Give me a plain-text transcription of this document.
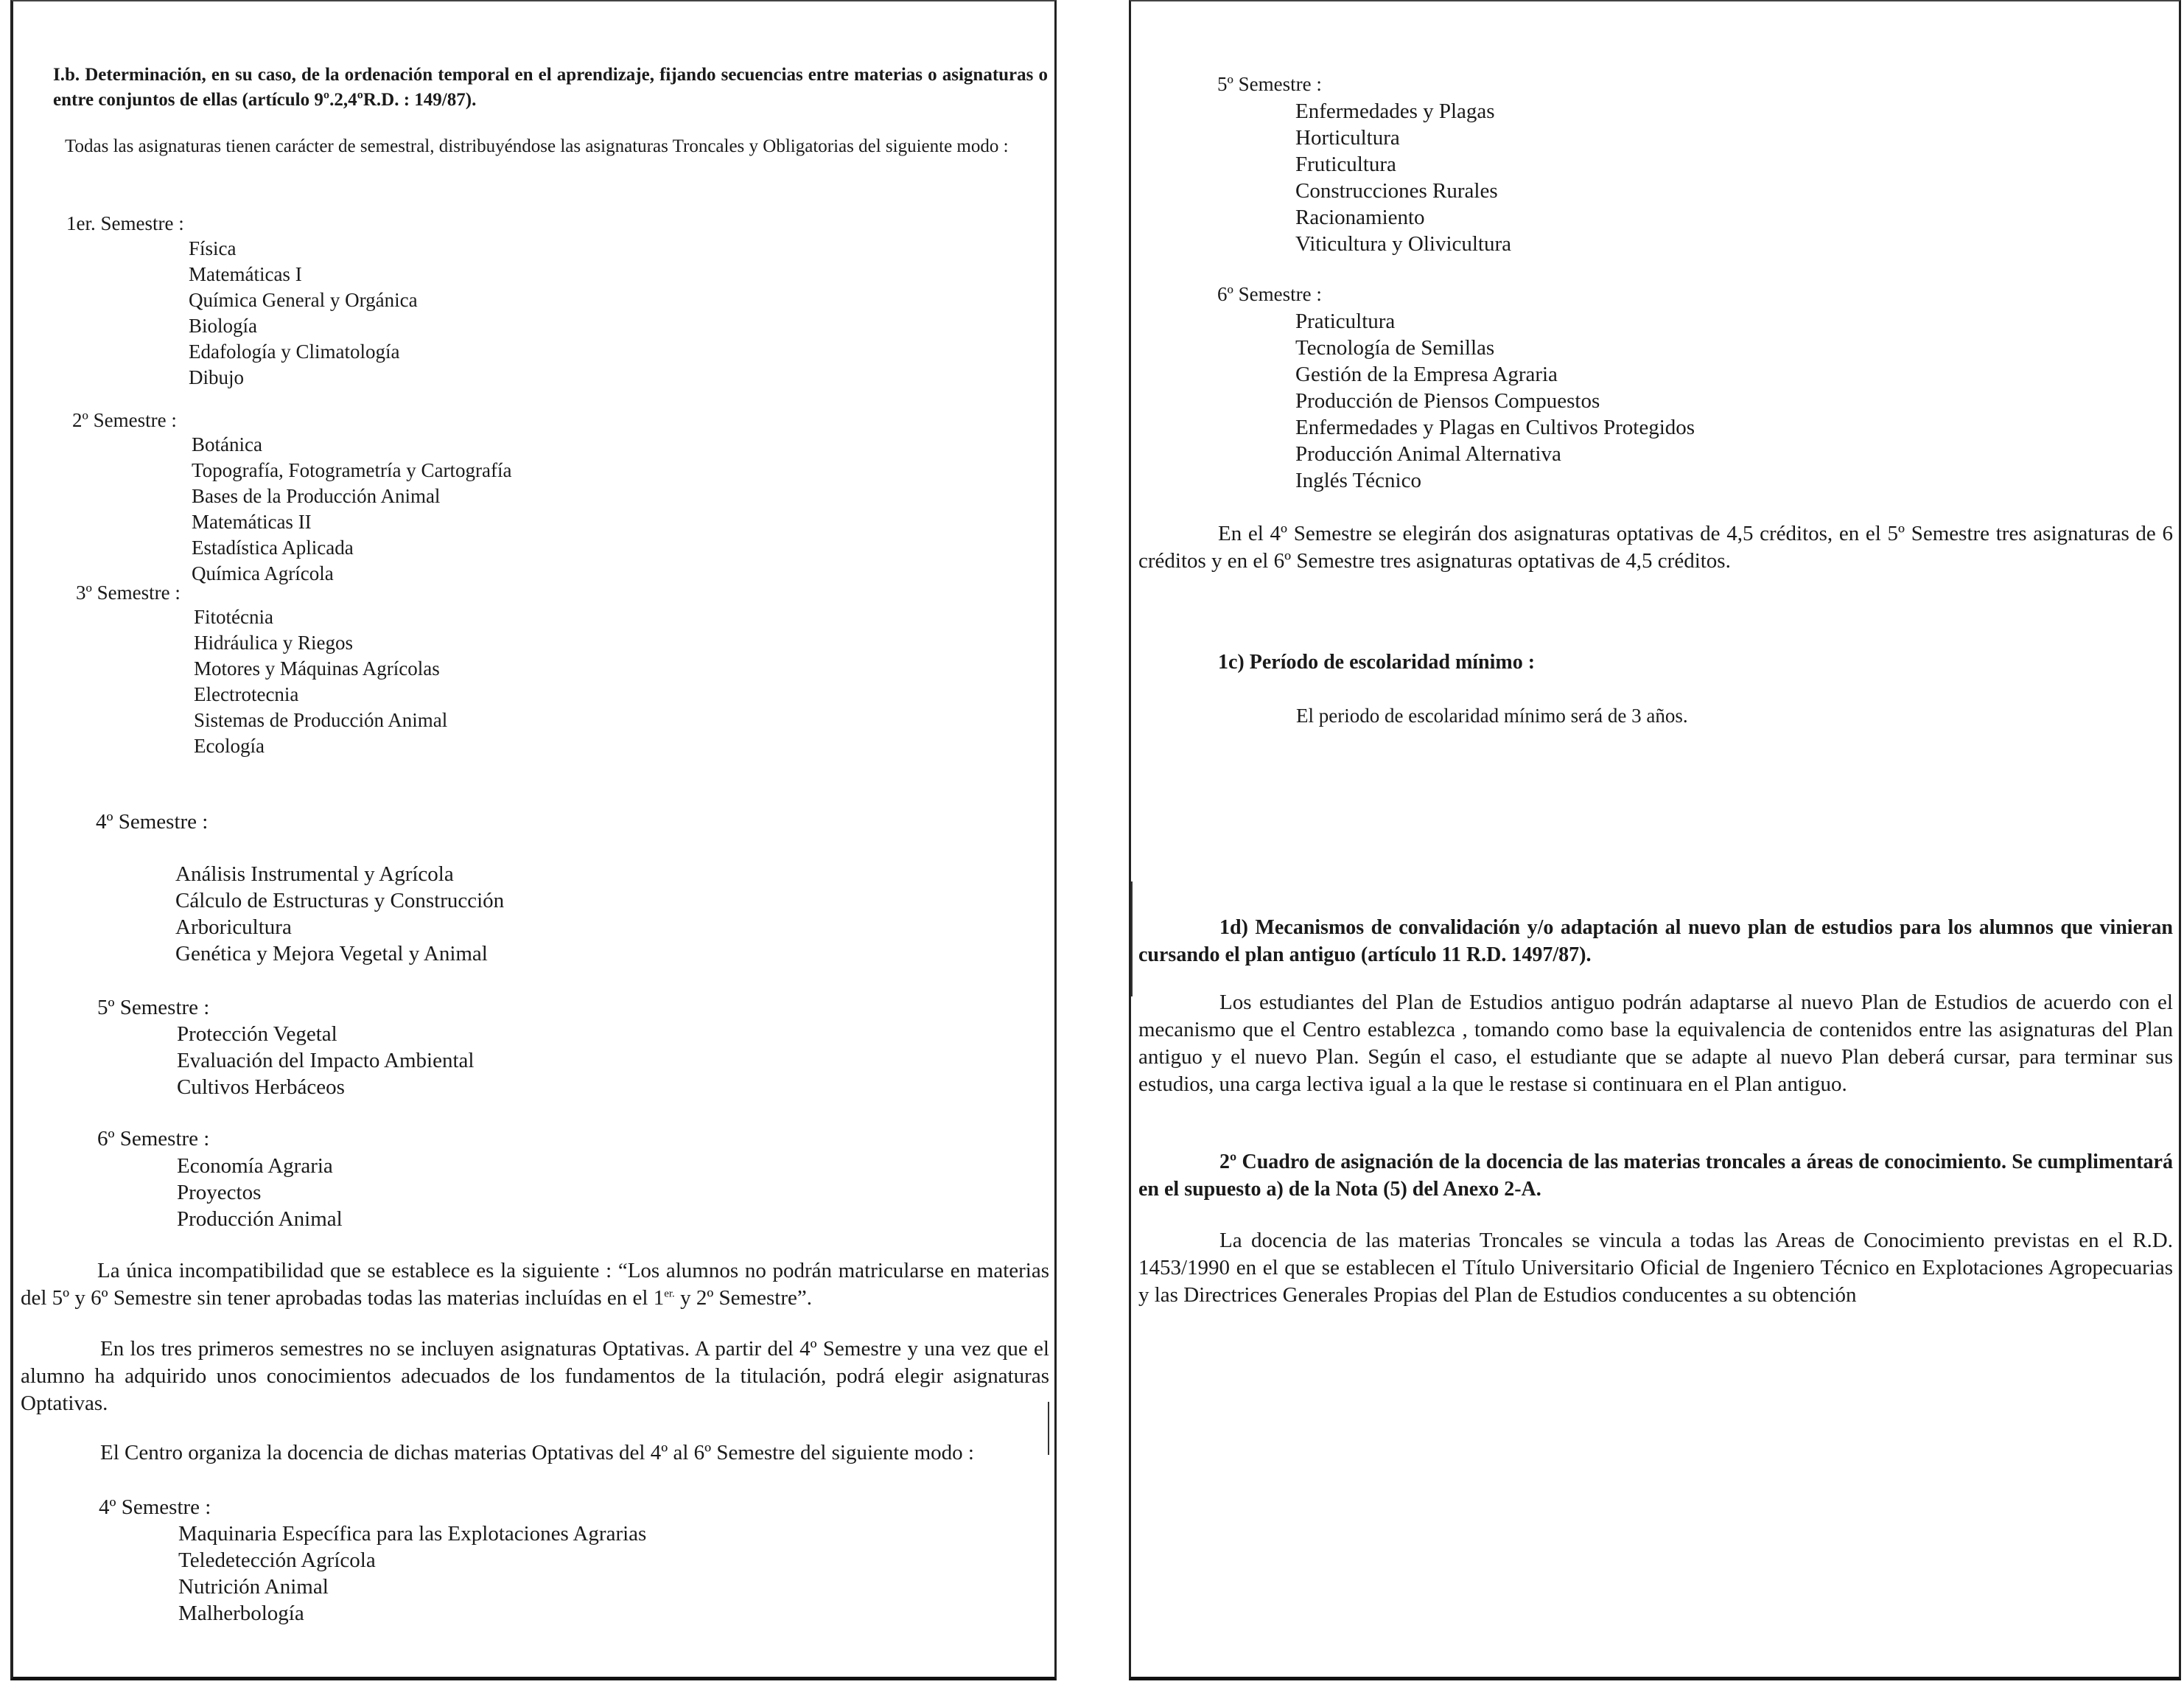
I.b. Determinación, en su caso, de la ordenación temporal en el aprendizaje, fijando secuencias entre materias o asignaturas o entre conjuntos de ellas (artículo 9º.2,4ºR.D. : 149/87).
Todas las asignaturas tienen carácter de semestral, distribuyéndose las asignaturas Troncales y Obligatorias del siguiente modo :
1er. Semestre :
Física
Matemáticas I
Química General y Orgánica
Biología
Edafología y Climatología
Dibujo
2º Semestre :
Botánica
Topografía, Fotogrametría y Cartografía
Bases de la Producción Animal
Matemáticas II
Estadística Aplicada
Química Agrícola
3º Semestre :
Fitotécnia
Hidráulica y Riegos
Motores y Máquinas Agrícolas
Electrotecnia
Sistemas de Producción Animal
Ecología
4º Semestre :
Análisis Instrumental y Agrícola
Cálculo de Estructuras y Construcción
Arboricultura
Genética y Mejora Vegetal y Animal
5º Semestre :
Protección Vegetal
Evaluación del Impacto Ambiental
Cultivos Herbáceos
6º Semestre :
Economía Agraria
Proyectos
Producción Animal
La única incompatibilidad que se establece es la siguiente : “Los alumnos no podrán matricularse en materias del 5º y 6º Semestre sin tener aprobadas todas las materias incluídas en el $1^{er.}$ y 2º Semestre”.
En los tres primeros semestres no se incluyen asignaturas Optativas. A partir del 4º Semestre y una vez que el alumno ha adquirido unos conocimientos adecuados de los fundamentos de la titulación, podrá elegir asignaturas Optativas.
El Centro organiza la docencia de dichas materias Optativas del 4º al 6º Semestre del siguiente modo :
4º Semestre :
Maquinaria Específica para las Explotaciones Agrarias
Teledetección Agrícola
Nutrición Animal
Malherbología
5º Semestre :
Enfermedades y Plagas
Horticultura
Fruticultura
Construcciones Rurales
Racionamiento
Viticultura y Olivicultura
6º Semestre :
Praticultura
Tecnología de Semillas
Gestión de la Empresa Agraria
Producción de Piensos Compuestos
Enfermedades y Plagas en Cultivos Protegidos
Producción Animal Alternativa
Inglés Técnico
En el 4º Semestre se elegirán dos asignaturas optativas de 4,5 créditos, en el 5º Semestre tres asignaturas de 6 créditos y en el 6º Semestre tres asignaturas optativas de 4,5 créditos.
1c) Período de escolaridad mínimo :
El periodo de escolaridad mínimo será de 3 años.
1d) Mecanismos de convalidación y/o adaptación al nuevo plan de estudios para los alumnos que vinieran cursando el plan antiguo (artículo 11 R.D. 1497/87).
Los estudiantes del Plan de Estudios antiguo podrán adaptarse al nuevo Plan de Estudios de acuerdo con el mecanismo que el Centro establezca , tomando como base la equivalencia de contenidos entre las asignaturas del Plan antiguo y el nuevo Plan. Según el caso, el estudiante que se adapte al nuevo Plan deberá cursar, para terminar sus estudios, una carga lectiva igual a la que le restase si continuara en el Plan antiguo.
2º Cuadro de asignación de la docencia de las materias troncales a áreas de conocimiento. Se cumplimentará en el supuesto a) de la Nota (5) del Anexo 2-A.
La docencia de las materias Troncales se vincula a todas las Areas de Conocimiento previstas en el R.D. 1453/1990 en el que se establecen el Título Universitario Oficial de Ingeniero Técnico en Explotaciones Agropecuarias y las Directrices Generales Propias del Plan de Estudios conducentes a su obtención
